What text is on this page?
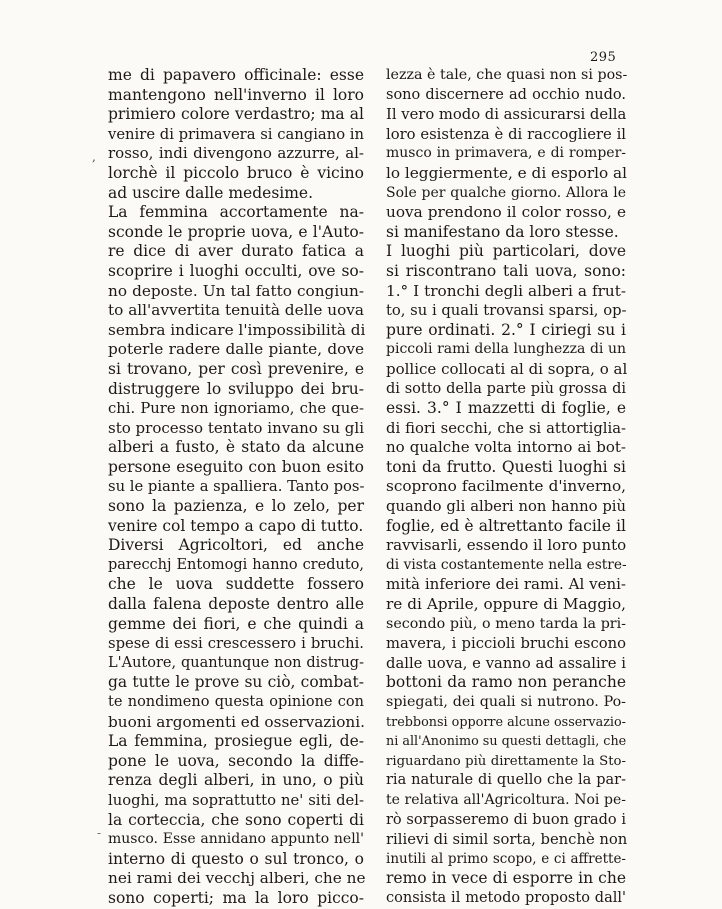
295
,
-
me di papavero officinale: esse
mantengono nell'inverno il loro
primiero colore verdastro; ma al
venire di primavera si cangiano in
rosso, indi divengono azzurre, al-
lorchè il piccolo bruco è vicino
ad uscire dalle medesime.
La femmina accortamente na-
sconde le proprie uova, e l'Auto-
re dice di aver durato fatica a
scoprire i luoghi occulti, ove so-
no deposte. Un tal fatto congiun-
to all'avvertita tenuità delle uova
sembra indicare l'impossibilità di
poterle radere dalle piante, dove
si trovano, per così prevenire, e
distruggere lo sviluppo dei bru-
chi. Pure non ignoriamo, che que-
sto processo tentato invano su gli
alberi a fusto, è stato da alcune
persone eseguito con buon esito
su le piante a spalliera. Tanto pos-
sono la pazienza, e lo zelo, per
venire col tempo a capo di tutto.
Diversi Agricoltori, ed anche
parecchj Entomogi hanno creduto,
che le uova suddette fossero
dalla falena deposte dentro alle
gemme dei fiori, e che quindi a
spese di essi crescessero i bruchi.
L'Autore, quantunque non distrug-
ga tutte le prove su ciò, combat-
te nondimeno questa opinione con
buoni argomenti ed osservazioni.
La femmina, prosiegue egli, de-
pone le uova, secondo la diffe-
renza degli alberi, in uno, o più
luoghi, ma soprattutto ne' siti del-
la corteccia, che sono coperti di
musco. Esse annidano appunto nell'
interno di questo o sul tronco, o
nei rami dei vecchj alberi, che ne
sono coperti; ma la loro picco-
lezza è tale, che quasi non si pos-
sono discernere ad occhio nudo.
Il vero modo di assicurarsi della
loro esistenza è di raccogliere il
musco in primavera, e di romper-
lo leggiermente, e di esporlo al
Sole per qualche giorno. Allora le
uova prendono il color rosso, e
si manifestano da loro stesse.
I luoghi più particolari, dove
si riscontrano tali uova, sono:
1.° I tronchi degli alberi a frut-
to, su i quali trovansi sparsi, op-
pure ordinati. 2.° I ciriegi su i
piccoli rami della lunghezza di un
pollice collocati al di sopra, o al
di sotto della parte più grossa di
essi. 3.° I mazzetti di foglie, e
di fiori secchi, che si attortiglia-
no qualche volta intorno ai bot-
toni da frutto. Questi luoghi si
scoprono facilmente d'inverno,
quando gli alberi non hanno più
foglie, ed è altrettanto facile il
ravvisarli, essendo il loro punto
di vista costantemente nella estre-
mità inferiore dei rami. Al veni-
re di Aprile, oppure di Maggio,
secondo più, o meno tarda la pri-
mavera, i piccioli bruchi escono
dalle uova, e vanno ad assalire i
bottoni da ramo non peranche
spiegati, dei quali si nutrono. Po-
trebbonsi opporre alcune osservazio-
ni all'Anonimo su questi dettagli, che
riguardano più direttamente la Sto-
ria naturale di quello che la par-
te relativa all'Agricoltura. Noi pe-
rò sorpasseremo di buon grado i
rilievi di simil sorta, benchè non
inutili al primo scopo, e ci affrette-
remo in vece di esporre in che
consista il metodo proposto dall'
